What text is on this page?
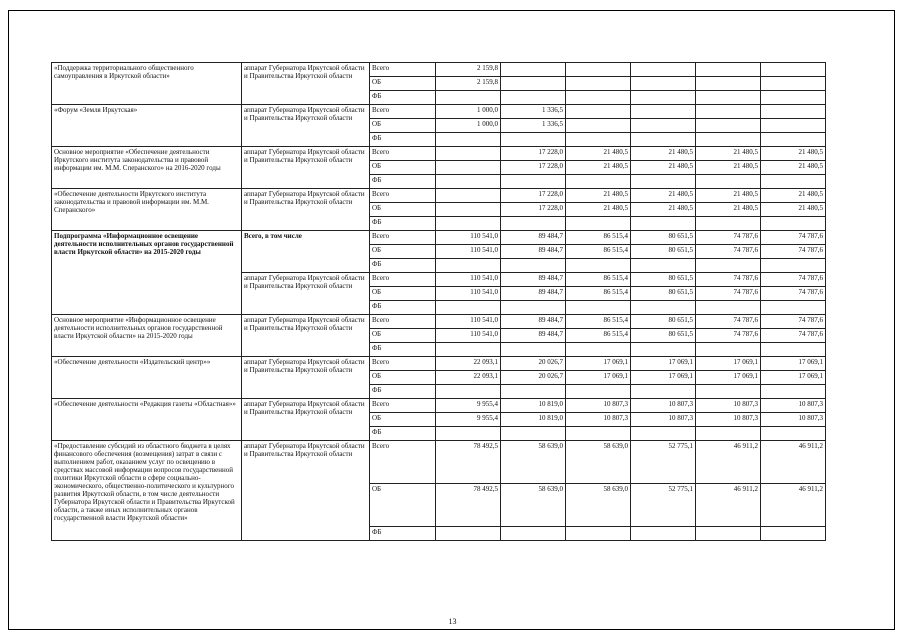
«Поддержка территориального общественного самоуправления в Иркутской области»	аппарат Губернатора Иркутской области и Правительства Иркутской области	Всего	2 159,8					
		ОБ	2 159,8					
		ФБ						
«Форум «Земля Иркутская»	аппарат Губернатора Иркутской области и Правительства Иркутской области	Всего	1 000,0	1 336,5				
		ОБ	1 000,0	1 336,5				
		ФБ						
Основное мероприятие «Обеспечение деятельности Иркутского института законодательства и правовой информации им. М.М. Сперанского» на 2016-2020 годы	аппарат Губернатора Иркутской области и Правительства Иркутской области	Всего		17 228,0	21 480,5	21 480,5	21 480,5	21 480,5
		ОБ		17 228,0	21 480,5	21 480,5	21 480,5	21 480,5
		ФБ						
«Обеспечение деятельности Иркутского института законодательства и правовой информации им. М.М. Сперанского»	аппарат Губернатора Иркутской области и Правительства Иркутской области	Всего		17 228,0	21 480,5	21 480,5	21 480,5	21 480,5
		ОБ		17 228,0	21 480,5	21 480,5	21 480,5	21 480,5
		ФБ						
Подпрограмма «Информационное освещение деятельности исполнительных органов государственной власти Иркутской области» на 2015-2020 годы	Всего, в том числе	Всего	110 541,0	89 484,7	86 515,4	80 651,5	74 787,6	74 787,6
		ОБ	110 541,0	89 484,7	86 515,4	80 651,5	74 787,6	74 787,6
		ФБ						
	аппарат Губернатора Иркутской области и Правительства Иркутской области	Всего	110 541,0	89 484,7	86 515,4	80 651,5	74 787,6	74 787,6
		ОБ	110 541,0	89 484,7	86 515,4	80 651,5	74 787,6	74 787,6
		ФБ						
Основное мероприятие «Информационное освещение деятельности исполнительных органов государственной власти Иркутской области» на 2015-2020 годы	аппарат Губернатора Иркутской области и Правительства Иркутской области	Всего	110 541,0	89 484,7	86 515,4	80 651,5	74 787,6	74 787,6
		ОБ	110 541,0	89 484,7	86 515,4	80 651,5	74 787,6	74 787,6
		ФБ						
«Обеспечение деятельности «Издательский центр»»	аппарат Губернатора Иркутской области и Правительства Иркутской области	Всего	22 093,1	20 026,7	17 069,1	17 069,1	17 069,1	17 069,1
		ОБ	22 093,1	20 026,7	17 069,1	17 069,1	17 069,1	17 069,1
		ФБ						
«Обеспечение деятельности «Редакция газеты «Областная»»	аппарат Губернатора Иркутской области и Правительства Иркутской области	Всего	9 955,4	10 819,0	10 807,3	10 807,3	10 807,3	10 807,3
		ОБ	9 955,4	10 819,0	10 807,3	10 807,3	10 807,3	10 807,3
		ФБ						
«Предоставление субсидий из областного бюджета в целях финансового обеспечения (возмещения) затрат в связи с выполнением работ, оказанием услуг по освещению в средствах массовой информации вопросов государственной политики Иркутской области в сфере социально-экономического, общественно-политического и культурного развития Иркутской области, в том числе деятельности Губернатора Иркутской области и Правительства Иркутской области, а также иных исполнительных органов государственной власти Иркутской области»	аппарат Губернатора Иркутской области и Правительства Иркутской области	Всего	78 492,5	58 639,0	58 639,0	52 775,1	46 911,2	46 911,2
		ОБ	78 492,5	58 639,0	58 639,0	52 775,1	46 911,2	46 911,2
		ФБ						
13
